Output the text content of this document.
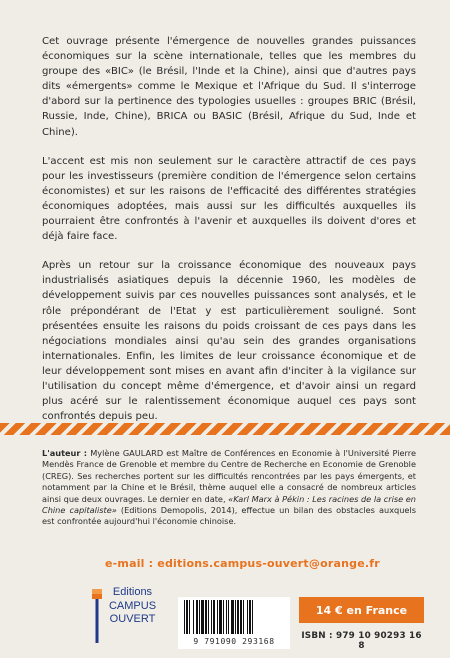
Cet ouvrage présente l'émergence de nouvelles grandes puissances économiques sur la scène internationale, telles que les membres du groupe des «BIC» (le Brésil, l'Inde et la Chine), ainsi que d'autres pays dits «émergents» comme le Mexique et l'Afrique du Sud. Il s'interroge d'abord sur la pertinence des typologies usuelles : groupes BRIC (Brésil, Russie, Inde, Chine), BRICA ou BASIC (Brésil, Afrique du Sud, Inde et Chine).

L'accent est mis non seulement sur le caractère attractif de ces pays pour les investisseurs (première condition de l'émergence selon certains économistes) et sur les raisons de l'efficacité des différentes stratégies économiques adoptées, mais aussi sur les difficultés auxquelles ils pourraient être confrontés à l'avenir et auxquelles ils doivent d'ores et déjà faire face.

Après un retour sur la croissance économique des nouveaux pays industrialisés asiatiques depuis la décennie 1960, les modèles de développement suivis par ces nouvelles puissances sont analysés, et le rôle prépondérant de l'Etat y est particulièrement souligné. Sont présentées ensuite les raisons du poids croissant de ces pays dans les négociations mondiales ainsi qu'au sein des grandes organisations internationales. Enfin, les limites de leur croissance économique et de leur développement sont mises en avant afin d'inciter à la vigilance sur l'utilisation du concept même d'émergence, et d'avoir ainsi un regard plus acéré sur le ralentissement économique auquel ces pays sont confrontés depuis peu.

L'auteur : Mylène GAULARD est Maître de Conférences en Economie à l'Université Pierre Mendès France de Grenoble et membre du Centre de Recherche en Economie de Grenoble (CREG). Ses recherches portent sur les difficultés rencontrées par les pays émergents, et notamment par la Chine et le Brésil, thème auquel elle a consacré de nombreux articles ainsi que deux ouvrages. Le dernier en date, «Karl Marx à Pékin : Les racines de la crise en Chine capitaliste» (Editions Demopolis, 2014), effectue un bilan des obstacles auxquels est confrontée aujourd'hui l'économie chinoise.

e-mail : editions.campus-ouvert@orange.fr
Editions
CAMPUS
OUVERT
9 791090 293168
14 € en France
ISBN : 979 10 90293 16 8
